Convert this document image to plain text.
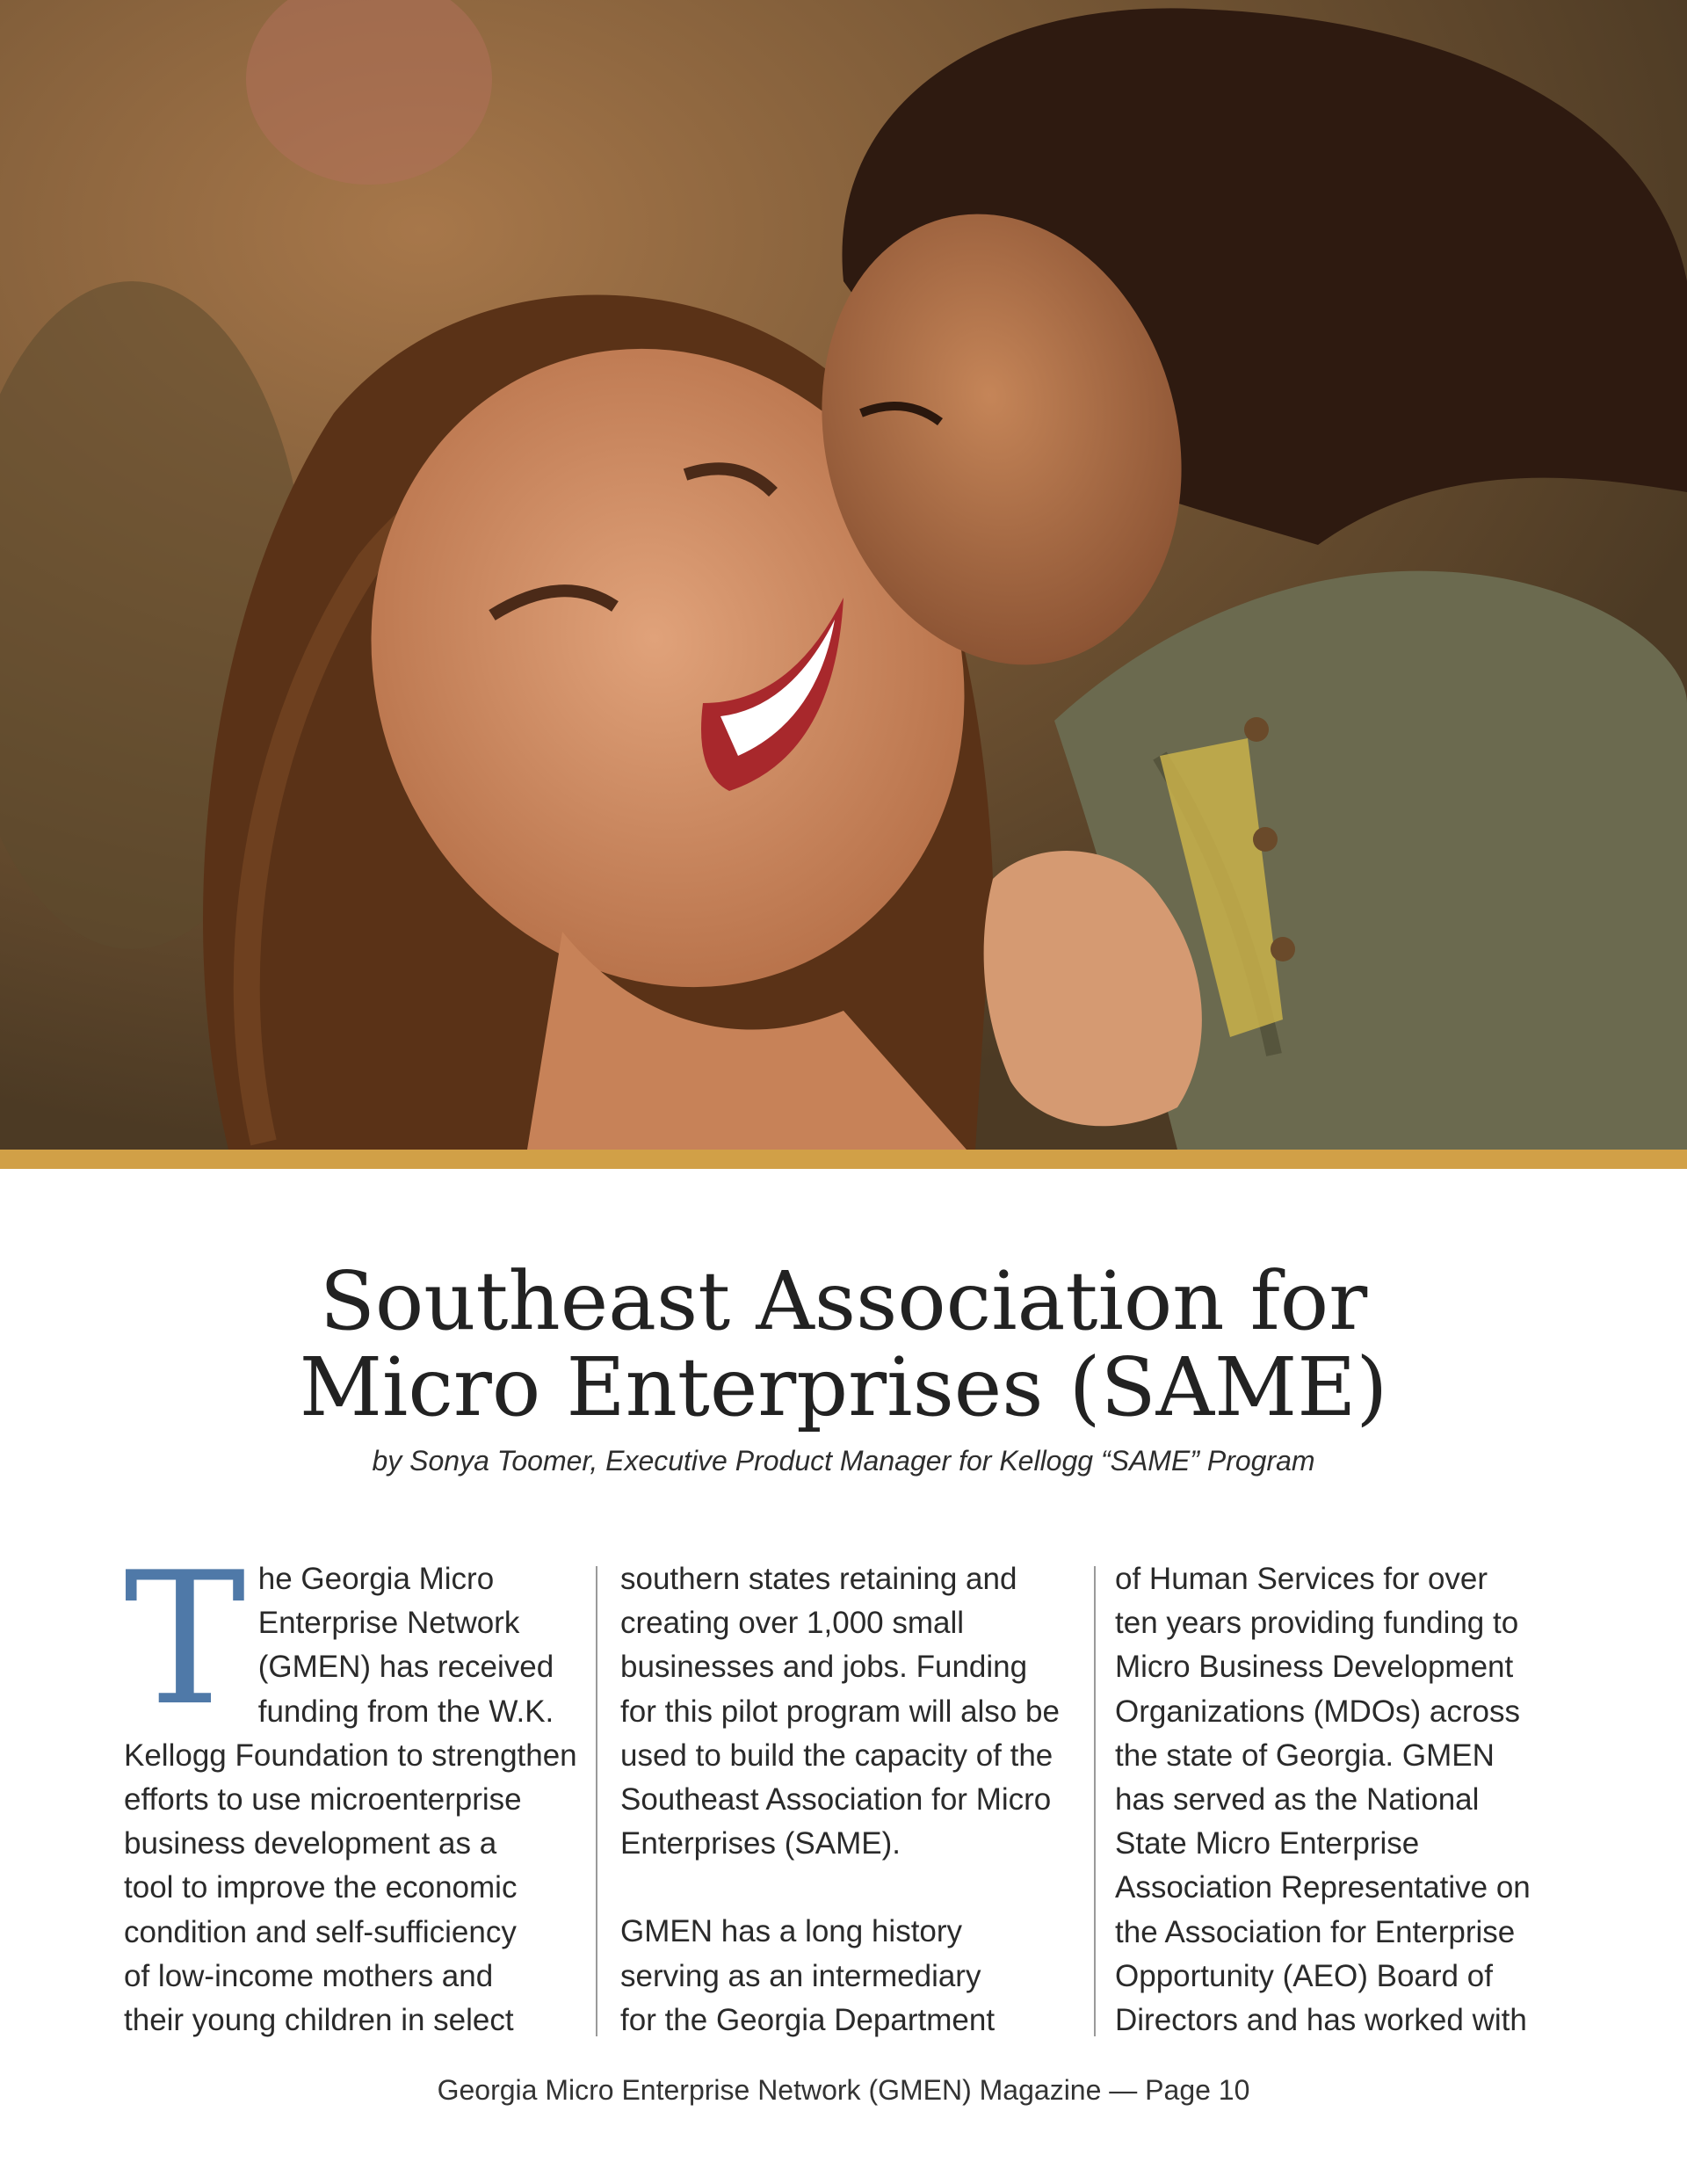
Southeast Association for
Micro Enterprises (SAME)

by Sonya Toomer, Executive Product Manager for Kellogg “SAME” Program

T he Georgia Micro
Enterprise Network
(GMEN) has received
funding from the W.K.
Kellogg Foundation to strengthen
efforts to use microenterprise
business development as a
tool to improve the economic
condition and self-sufficiency
of low-income mothers and
their young children in select

southern states retaining and
creating over 1,000 small
businesses and jobs. Funding
for this pilot program will also be
used to build the capacity of the
Southeast Association for Micro
Enterprises (SAME).

GMEN has a long history
serving as an intermediary
for the Georgia Department

of Human Services for over
ten years providing funding to
Micro Business Development
Organizations (MDOs) across
the state of Georgia. GMEN
has served as the National
State Micro Enterprise
Association Representative on
the Association for Enterprise
Opportunity (AEO) Board of
Directors and has worked with

Georgia Micro Enterprise Network (GMEN) Magazine — Page 10
